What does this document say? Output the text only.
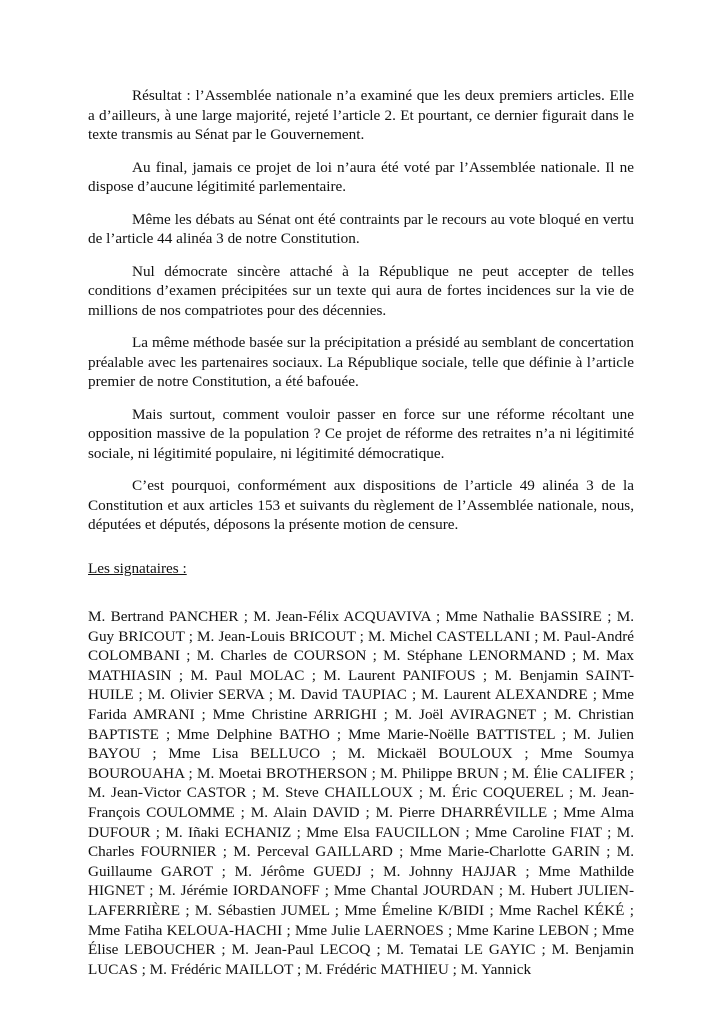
Résultat : l’Assemblée nationale n’a examiné que les deux premiers articles. Elle a d’ailleurs, à une large majorité, rejeté l’article 2. Et pourtant, ce dernier figurait dans le texte transmis au Sénat par le Gouvernement.

Au final, jamais ce projet de loi n’aura été voté par l’Assemblée nationale. Il ne dispose d’aucune légitimité parlementaire.

Même les débats au Sénat ont été contraints par le recours au vote bloqué en vertu de l’article 44 alinéa 3 de notre Constitution.

Nul démocrate sincère attaché à la République ne peut accepter de telles conditions d’examen précipitées sur un texte qui aura de fortes incidences sur la vie de millions de nos compatriotes pour des décennies.

La même méthode basée sur la précipitation a présidé au semblant de concertation préalable avec les partenaires sociaux. La République sociale, telle que définie à l’article premier de notre Constitution, a été bafouée.

Mais surtout, comment vouloir passer en force sur une réforme récoltant une opposition massive de la population ? Ce projet de réforme des retraites n’a ni légitimité sociale, ni légitimité populaire, ni légitimité démocratique.

C’est pourquoi, conformément aux dispositions de l’article 49 alinéa 3 de la Constitution et aux articles 153 et suivants du règlement de l’Assemblée nationale, nous, députées et députés, déposons la présente motion de censure.

Les signataires :

M. Bertrand PANCHER ; M. Jean-Félix ACQUAVIVA ; Mme Nathalie BASSIRE ; M. Guy BRICOUT ; M. Jean-Louis BRICOUT ; M. Michel CASTELLANI ; M. Paul-André COLOMBANI ; M. Charles de COURSON ; M. Stéphane LENORMAND ; M. Max MATHIASIN ; M. Paul MOLAC ; M. Laurent PANIFOUS ; M. Benjamin SAINT-HUILE ; M. Olivier SERVA ; M. David TAUPIAC ; M. Laurent ALEXANDRE ; Mme Farida AMRANI ; Mme Christine ARRIGHI ; M. Joël AVIRAGNET ; M. Christian BAPTISTE ; Mme Delphine BATHO ; Mme Marie-Noëlle BATTISTEL ; M. Julien BAYOU ; Mme Lisa BELLUCO ; M. Mickaël BOULOUX ; Mme Soumya BOUROUAHA ; M. Moetai BROTHERSON ; M. Philippe BRUN ; M. Élie CALIFER ; M. Jean-Victor CASTOR ; M. Steve CHAILLOUX ; M. Éric COQUEREL ; M. Jean-François COULOMME ; M. Alain DAVID ; M. Pierre DHARRÉVILLE ; Mme Alma DUFOUR ; M. Iñaki ECHANIZ ; Mme Elsa FAUCILLON ; Mme Caroline FIAT ; M. Charles FOURNIER ; M. Perceval GAILLARD ; Mme Marie-Charlotte GARIN ; M. Guillaume GAROT ; M. Jérôme GUEDJ ; M. Johnny HAJJAR ; Mme Mathilde HIGNET ; M. Jérémie IORDANOFF ; Mme Chantal JOURDAN ; M. Hubert JULIEN-LAFERRIÈRE ; M. Sébastien JUMEL ; Mme Émeline K/BIDI ; Mme Rachel KÉKÉ ; Mme Fatiha KELOUA-HACHI ; Mme Julie LAERNOES ; Mme Karine LEBON ; Mme Élise LEBOUCHER ; M. Jean-Paul LECOQ ; M. Tematai LE GAYIC ; M. Benjamin LUCAS ; M. Frédéric MAILLOT ; M. Frédéric MATHIEU ; M. Yannick
